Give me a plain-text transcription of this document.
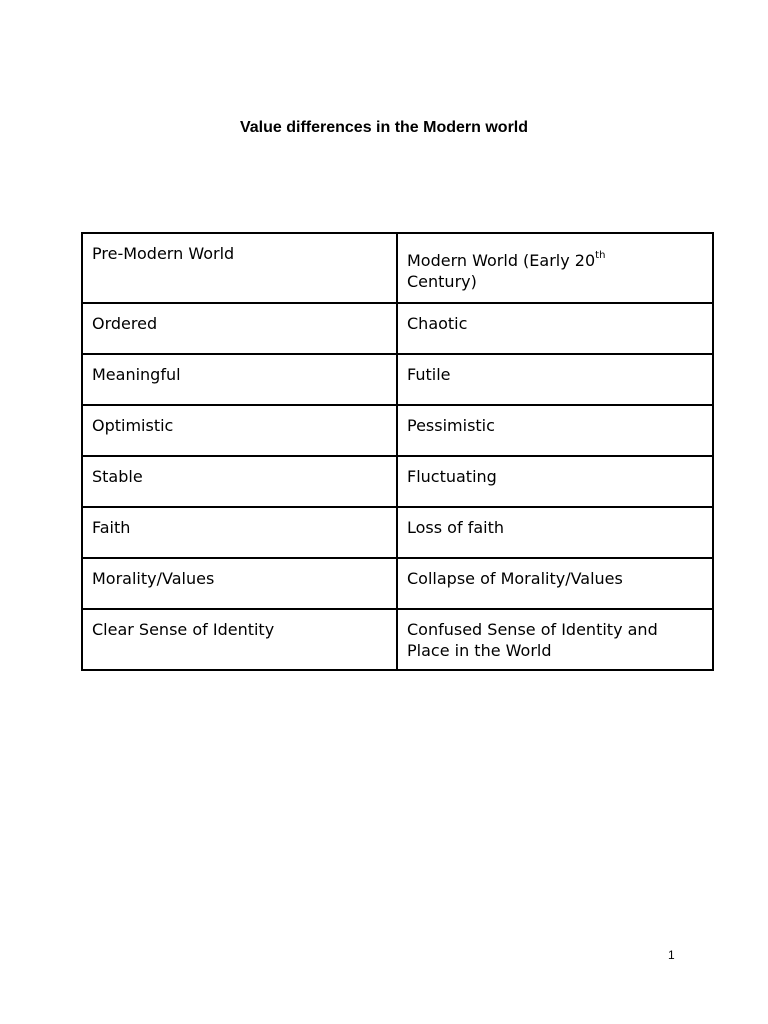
Value differences in the Modern world
Pre-Modern World	Modern World (Early 20th
Century)
Ordered	Chaotic
Meaningful	Futile
Optimistic	Pessimistic
Stable	Fluctuating
Faith	Loss of faith
Morality/Values	Collapse of Morality/Values
Clear Sense of Identity	Confused Sense of Identity and Place in the World
1
